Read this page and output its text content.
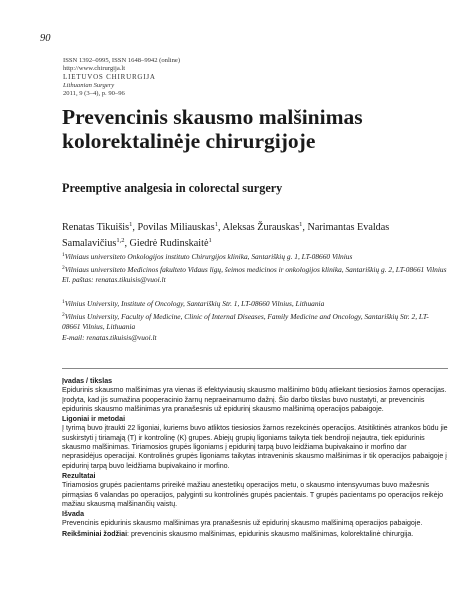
90
ISSN 1392–0995, ISSN 1648–9942 (online)
http://www.chirurgija.lt
LIETUVOS CHIRURGIJA
Lithuanian Surgery
2011, 9 (3–4), p. 90–96
Prevencinis skausmo malšinimas kolorektalinėje chirurgijoje
Preemptive analgesia in colorectal surgery
Renatas Tikuišis$^1$, Povilas Miliauskas$^1$, Aleksas Žurauskas$^1$, Narimantas Evaldas Samalavičius$^{1,2}$, Giedrė Rudinskaitė$^1$
$^1$Vilniaus universiteto Onkologijos instituto Chirurgijos klinika, Santariškių g. 1, LT-08660 Vilnius
$^2$Vilniaus universiteto Medicinos fakulteto Vidaus ligų, šeimos medicinos ir onkologijos klinika, Santariškių g. 2, LT-08661 Vilnius
El. paštas: renatas.tikuisis@vuoi.lt
$^1$Vilnius University, Institute of Oncology, Santariškių Str. 1, LT-08660 Vilnius, Lithuania
$^2$Vilnius University, Faculty of Medicine, Clinic of Internal Diseases, Family Medicine and Oncology, Santariškių Str. 2, LT-08661 Vilnius, Lithuania
E-mail: renatas.tikuisis@vuoi.lt
Įvadas / tikslas

Epidurinis skausmo malšinimas yra vienas iš efektyviausių skausmo malšinimo būdų atliekant tiesiosios žarnos operacijas. Įrodyta, kad jis sumažina pooperacinio žarnų nepraeinamumo dažnį. Šio darbo tikslas buvo nustatyti, ar prevencinis epidurinis skausmo malšinimas yra pranašesnis už epidurinį skausmo malšinimą operacijos pabaigoje.

Ligoniai ir metodai

Į tyrimą buvo įtraukti 22 ligoniai, kuriems buvo atliktos tiesiosios žarnos rezekcinės operacijos. Atsitiktinės atrankos būdu jie suskirstyti į tiriamąją (T) ir kontrolinę (K) grupes. Abiejų grupių ligoniams taikyta tiek bendroji nejautra, tiek epidurinis skausmo malšinimas. Tiriamosios grupės ligoniams į epidurinį tarpą buvo leidžiama bupivakaino ir morfino dar neprasidėjus operacijai. Kontrolinės grupės ligoniams taikytas intraveninis skausmo malšinimas ir tik operacijos pabaigoje į epidurinį tarpą buvo leidžiama bupivakaino ir morfino.

Rezultatai

Tiriamosios grupės pacientams prireikė mažiau anestetikų operacijos metu, o skausmo intensyvumas buvo mažesnis pirmąsias 6 valandas po operacijos, palyginti su kontrolinės grupės pacientais. T grupės pacientams po operacijos reikėjo mažiau skausmą malšinančių vaistų.

Išvada

Prevencinis epidurinis skausmo malšinimas yra pranašesnis už epidurinį skausmo malšinimą operacijos pabaigoje.

Reikšminiai žodžiai: prevencinis skausmo malšinimas, epidurinis skausmo malšinimas, kolorektalinė chirurgija.
